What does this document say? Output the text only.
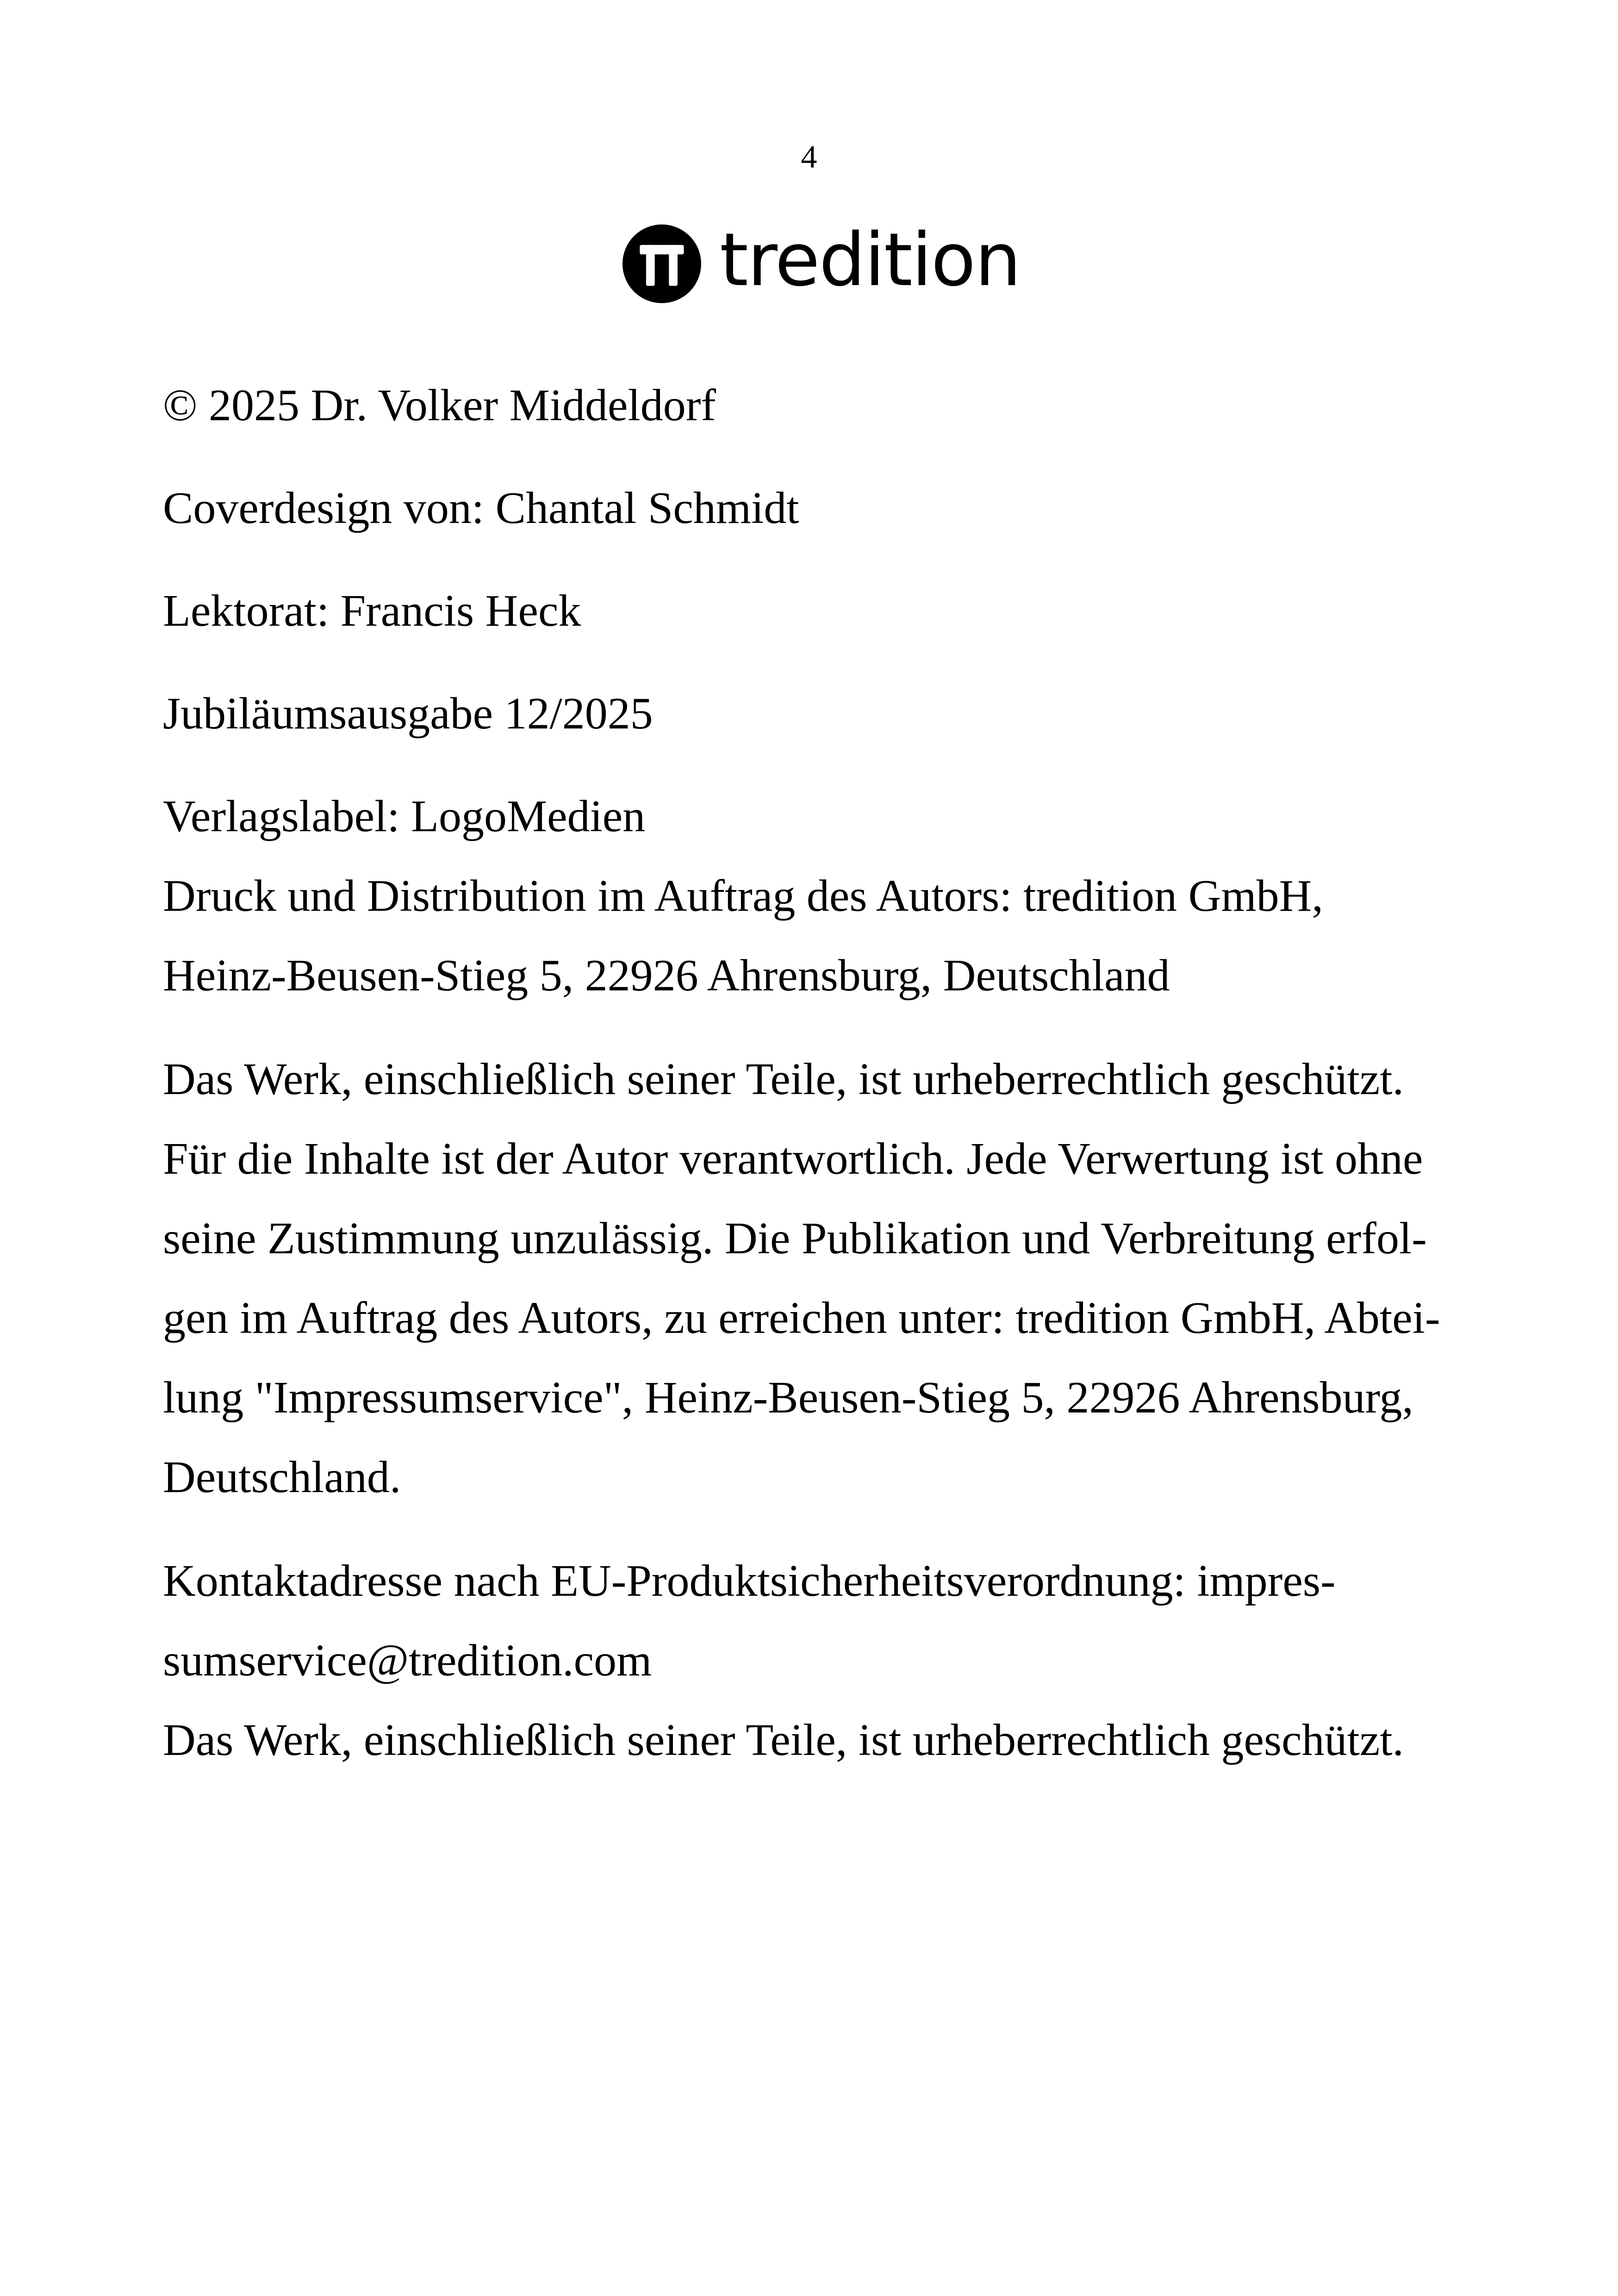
4
tredition
© 2025 Dr. Volker Middeldorf
Coverdesign von: Chantal Schmidt
Lektorat: Francis Heck
Jubiläumsausgabe 12/2025
Verlagslabel: LogoMedien
Druck und Distribution im Auftrag des Autors: tredition GmbH,
Heinz-Beusen-Stieg 5, 22926 Ahrensburg, Deutschland
Das Werk, einschließlich seiner Teile, ist urheberrechtlich geschützt.
Für die Inhalte ist der Autor verantwortlich. Jede Verwertung ist ohne
seine Zustimmung unzulässig. Die Publikation und Verbreitung erfol-
gen im Auftrag des Autors, zu erreichen unter: tredition GmbH, Abtei-
lung "Impressumservice", Heinz-Beusen-Stieg 5, 22926 Ahrensburg,
Deutschland.
Kontaktadresse nach EU-Produktsicherheitsverordnung: impres-
sumservice@tredition.com
Das Werk, einschließlich seiner Teile, ist urheberrechtlich geschützt.
